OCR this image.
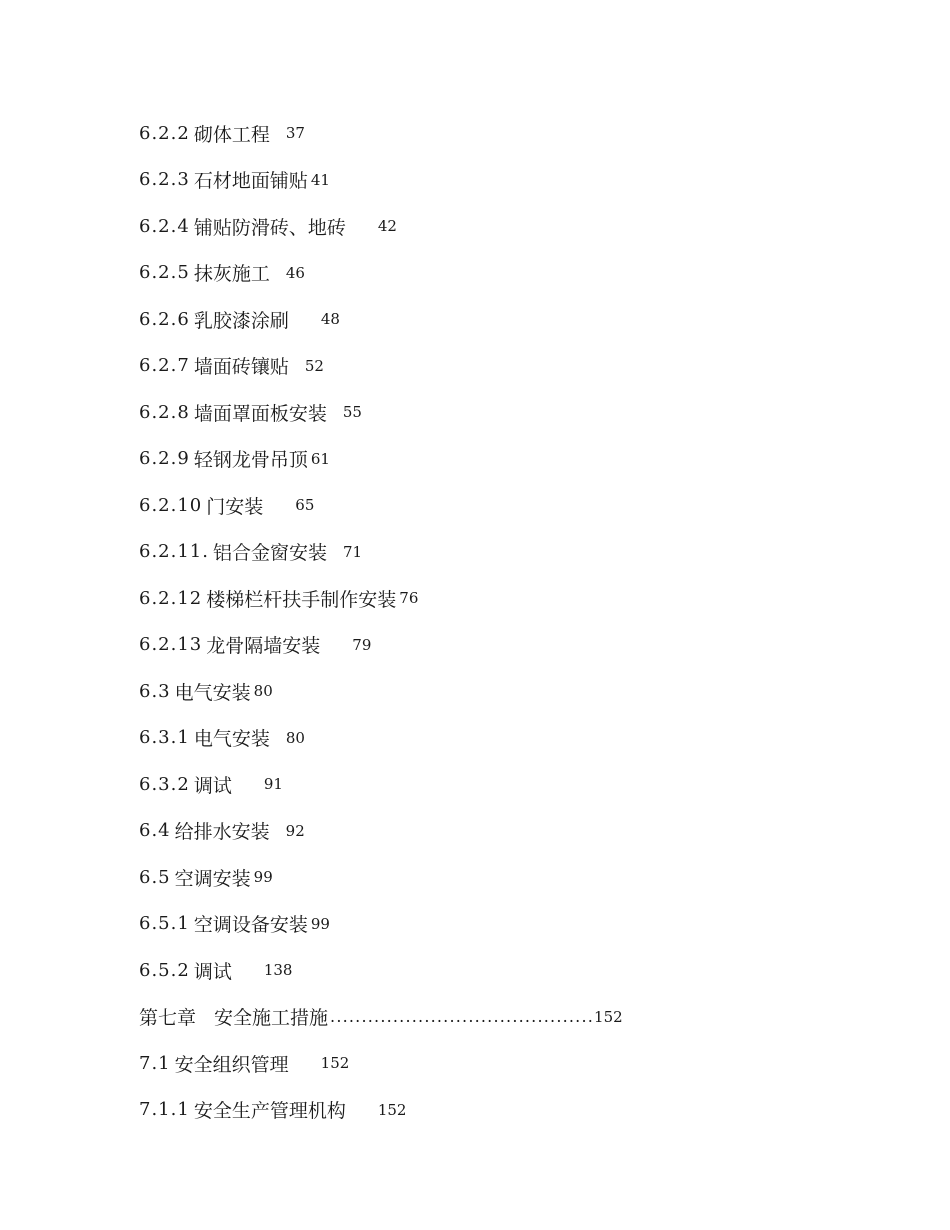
6.2.2 砌体工程 37
6.2.3 石材地面铺贴 41
6.2.4 铺贴防滑砖、地砖 42
6.2.5 抹灰施工 46
6.2.6 乳胶漆涂刷 48
6.2.7 墙面砖镶贴 52
6.2.8 墙面罩面板安装 55
6.2.9 轻钢龙骨吊顶 61
6.2.10 门安装 65
6.2.11. 铝合金窗安装 71
6.2.12 楼梯栏杆扶手制作安装 76
6.2.13 龙骨隔墙安装 79
6.3 电气安装 80
6.3.1 电气安装 80
6.3.2 调试 91
6.4 给排水安装 92
6.5 空调安装 99
6.5.1 空调设备安装 99
6.5.2 调试 138
第七章 安全施工措施 .......................................... 152
7.1 安全组织管理 152
7.1.1 安全生产管理机构 152
